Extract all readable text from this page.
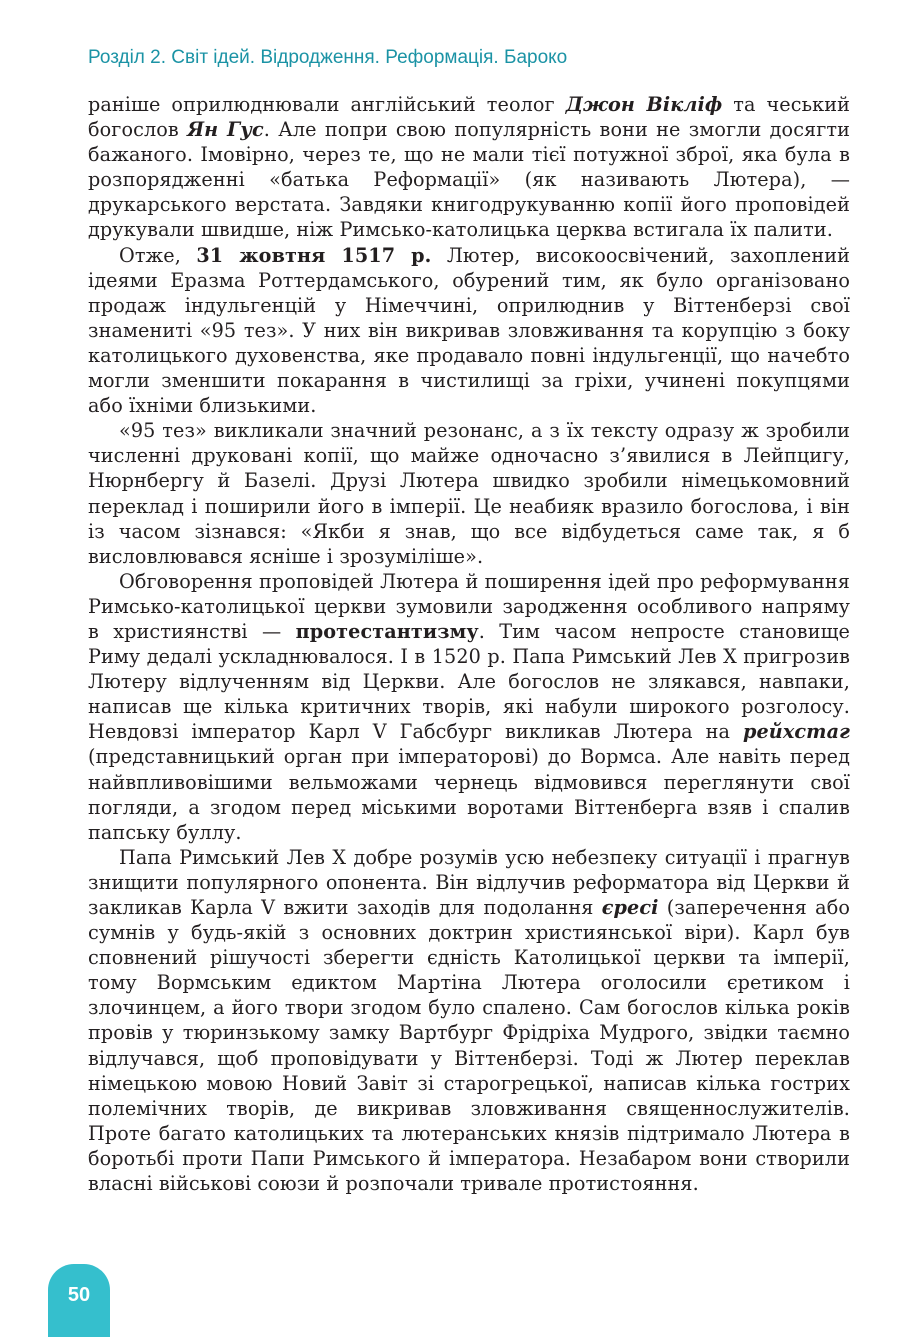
Розділ 2. Світ ідей. Відродження. Реформація. Бароко

раніше оприлюднювали англійський теолог Джон Вікліф та чеський богослов Ян Гус. Але попри свою популярність вони не змогли досягти бажаного. Імовірно, через те, що не мали тієї потужної зброї, яка була в розпорядженні «батька Реформації» (як називають Лютера), — друкарського верстата. Завдяки книгодрукуванню копії його проповідей друкували швидше, ніж Римсько-католицька церква встигала їх палити.

Отже, 31 жовтня 1517 р. Лютер, високоосвічений, захоплений ідеями Еразма Роттердамського, обурений тим, як було організовано продаж індульгенцій у Німеччині, оприлюднив у Віттенберзі свої знамениті «95 тез». У них він викривав зловживання та корупцію з боку католицького духовенства, яке продавало повні індульгенції, що начебто могли зменшити покарання в чистилищі за гріхи, учинені покупцями або їхніми близькими.

«95 тез» викликали значний резонанс, а з їх тексту одразу ж зробили численні друковані копії, що майже одночасно з’явилися в Лейпцигу, Нюрнбергу й Базелі. Друзі Лютера швидко зробили німецькомовний переклад і поширили його в імперії. Це неабияк вразило богослова, і він із часом зізнався: «Якби я знав, що все відбудеться саме так, я б висловлювався ясніше і зрозуміліше».

Обговорення проповідей Лютера й поширення ідей про реформування Римсько-католицької церкви зумовили зародження особливого напряму в християнстві — протестантизму. Тим часом непросте становище Риму дедалі ускладнювалося. І в 1520 р. Папа Римський Лев Х пригрозив Лютеру відлученням від Церкви. Але богослов не злякався, навпаки, написав ще кілька критичних творів, які набули широкого розголосу. Невдовзі імператор Карл V Габсбург викликав Лютера на рейхстаг (представницький орган при імператорові) до Вормса. Але навіть перед найвпливовішими вельможами чернець відмовився переглянути свої погляди, а згодом перед міськими воротами Віттенберга взяв і спалив папську буллу.

Папа Римський Лев Х добре розумів усю небезпеку ситуації і прагнув знищити популярного опонента. Він відлучив реформатора від Церкви й закликав Карла V вжити заходів для подолання єресі (заперечення або сумнів у будь-якій з основних доктрин християнської віри). Карл був сповнений рішучості зберегти єдність Католицької церкви та імперії, тому Вормським едиктом Мартіна Лютера оголосили єретиком і злочинцем, а його твори згодом було спалено. Сам богослов кілька років провів у тюринзькому замку Вартбург Фрідріха Мудрого, звідки таємно відлучався, щоб проповідувати у Віттенберзі. Тоді ж Лютер переклав німецькою мовою Новий Завіт зі старогрецької, написав кілька гострих полемічних творів, де викривав зловживання священнослужителів. Проте багато католицьких та лютеранських князів підтримало Лютера в боротьбі проти Папи Римського й імператора. Незабаром вони створили власні військові союзи й розпочали тривале протистояння.

50
